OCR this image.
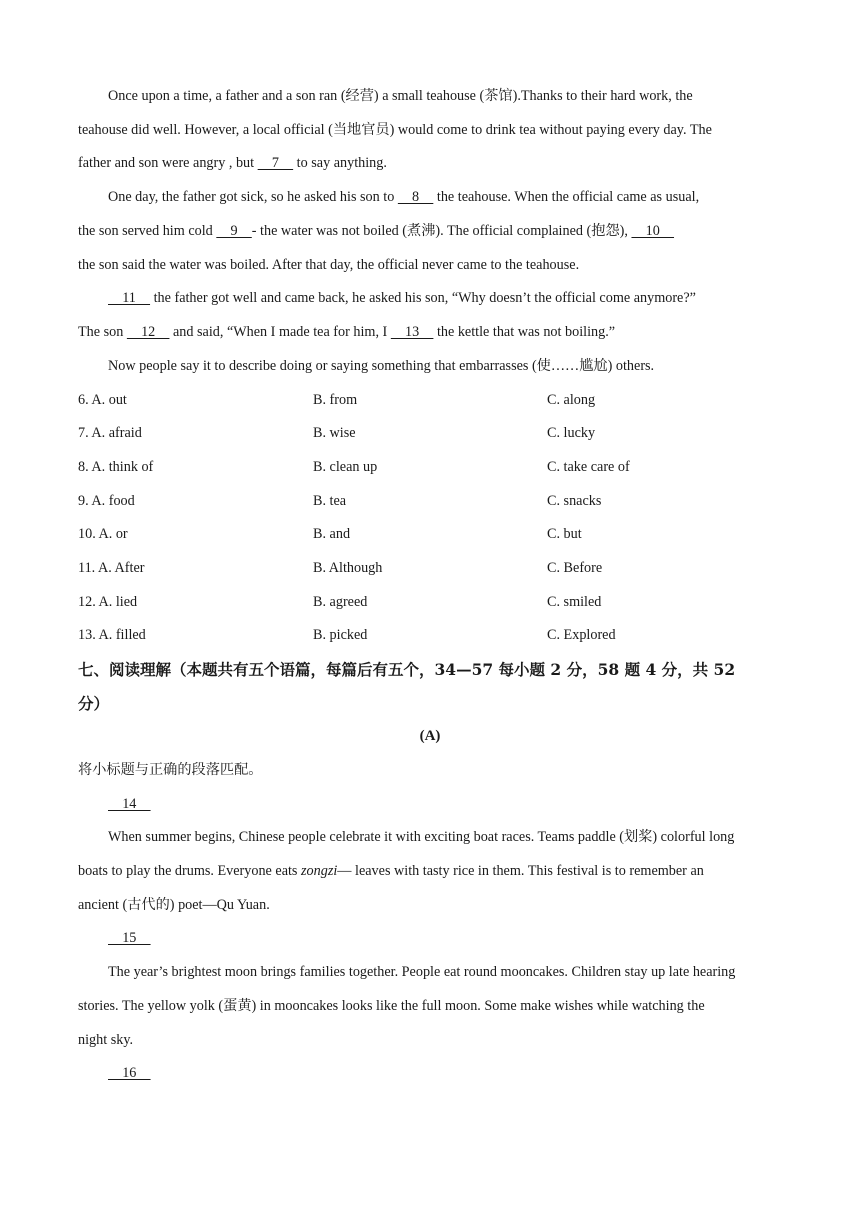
Once upon a time, a father and a son ran (经营) a small teahouse (茶馆).Thanks to their hard work, the

teahouse did well. However, a local official (当地官员) would come to drink tea without paying every day. The

father and son were angry , but     7     to say anything.

One day, the father got sick, so he asked his son to     8     the teahouse. When the official came as usual,

the son served him cold     9    - the water was not boiled (煮沸). The official complained (抱怨),     10

the son said the water was boiled. After that day, the official never came to the teahouse.

11     the father got well and came back, he asked his son, “Why doesn’t the official come anymore?”

The son     12     and said, “When I made tea for him, I     13     the kettle that was not boiling.”

Now people say it to describe doing or saying something that embarrasses (使……尴尬) others.

6. A. out	B. from	C. along
7. A. afraid	B. wise	C. lucky
8. A. think of	B. clean up	C. take care of
9. A. food	B. tea	C. snacks
10. A. or	B. and	C. but
11. A. After	B. Although	C. Before
12. A. lied	B. agreed	C. smiled
13. A. filled	B. picked	C. Explored

七、阅读理解（本题共有五个语篇，每篇后有五个，34—57 每小题 2 分，58 题 4 分，共 52

分）

(A)

将小标题与正确的段落匹配。

14

When summer begins, Chinese people celebrate it with exciting boat races. Teams paddle (划桨) colorful long

boats to play the drums. Everyone eats zongzi— leaves with tasty rice in them. This festival is to remember an

ancient (古代的) poet—Qu Yuan.

15

The year’s brightest moon brings families together. People eat round mooncakes. Children stay up late hearing

stories. The yellow yolk (蛋黄) in mooncakes looks like the full moon. Some make wishes while watching the

night sky.

16
